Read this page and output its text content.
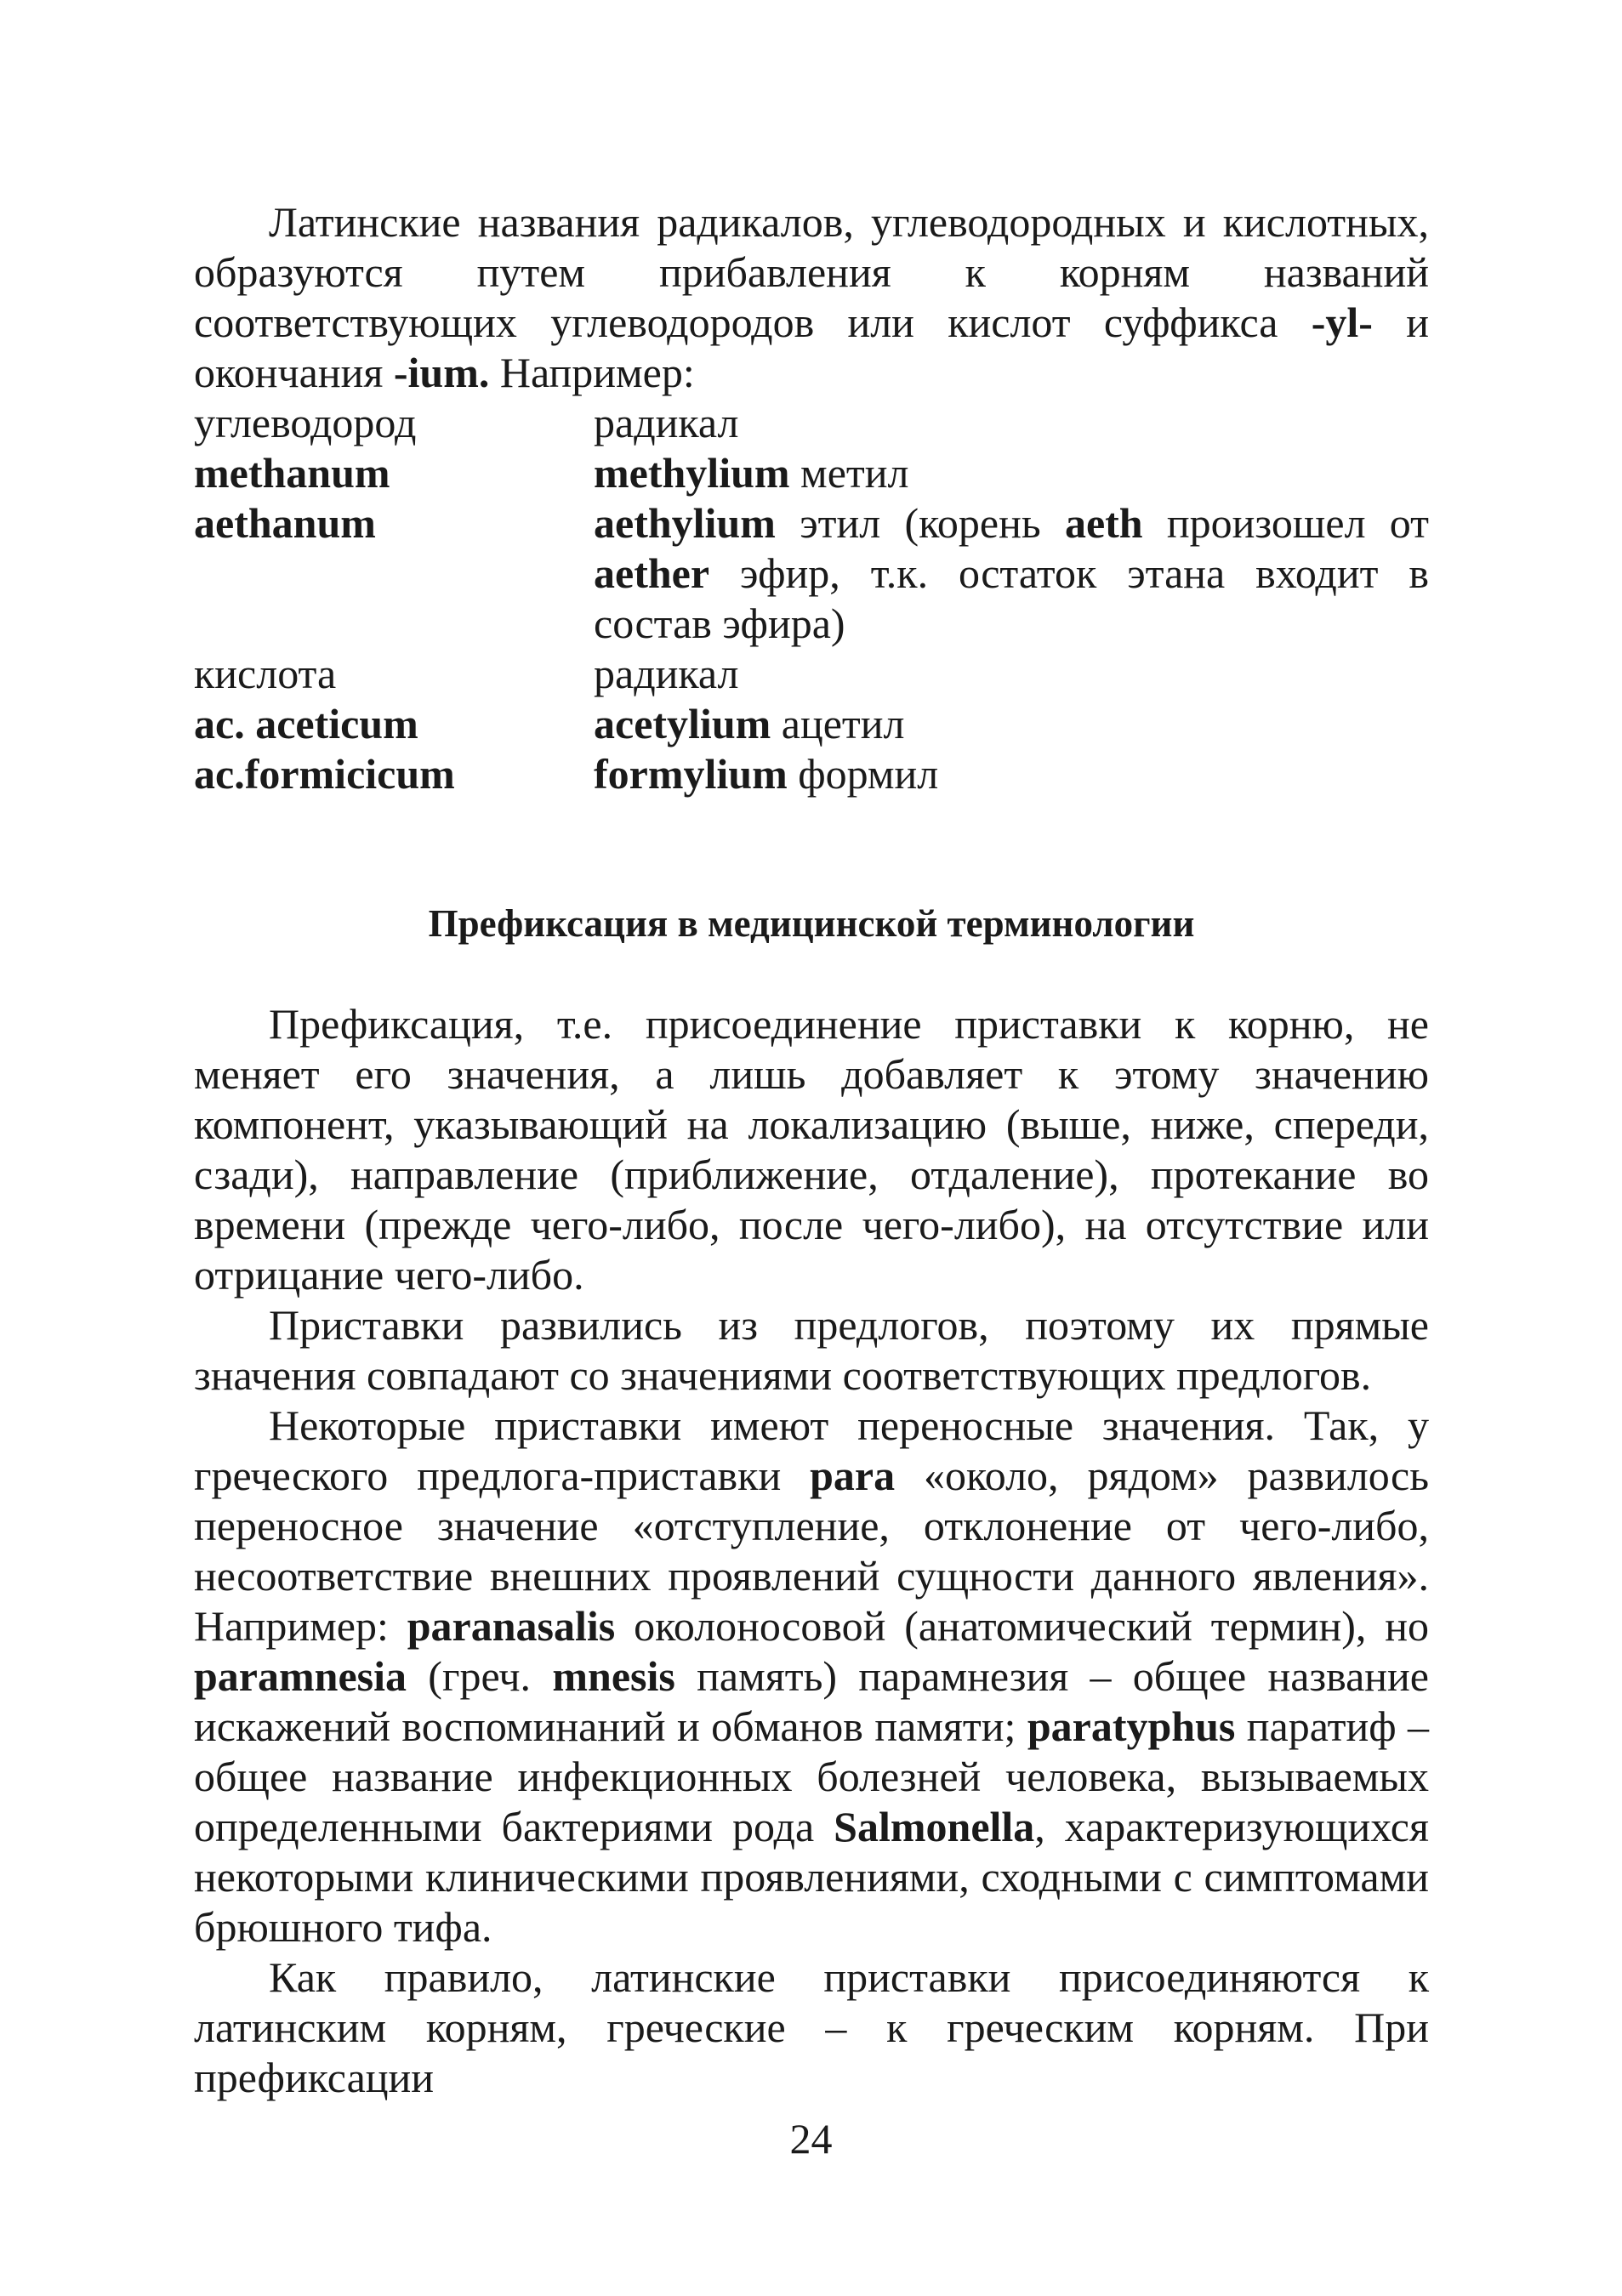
Латинские названия радикалов, углеводородных и кислотных, образуются путем прибавления к корням названий соответствующих углеводородов или кислот суффикса -yl- и окончания -ium. Например:

углеводород	радикал
methanum	methylium метил
aethanum	aethylium этил (корень aeth произошел от aether эфир, т.к. остаток этана входит в состав эфира)
кислота	радикал
ac. aceticum	acetylium ацетил
ac.formicicum	formylium формил
Префиксация в медицинской терминологии

Префиксация, т.е. присоединение приставки к корню, не меняет его значения, а лишь добавляет к этому значению компонент, указывающий на локализацию (выше, ниже, спереди, сзади), направление (приближение, отдаление), протекание во времени (прежде чего-либо, после чего-либо), на отсутствие или отрицание чего-либо.

Приставки развились из предлогов, поэтому их прямые значения совпадают со значениями соответствующих предлогов.

Некоторые приставки имеют переносные значения. Так, у греческого предлога-приставки para «около, рядом» развилось переносное значение «отступление, отклонение от чего-либо, несоответствие внешних проявлений сущности данного явления». Например: paranasalis околоносовой (анатомический термин), но paramnesia (греч. mnesis память) парамнезия – общее название искажений воспоминаний и обманов памяти; paratyphus паратиф – общее название инфекционных болезней человека, вызываемых определенными бактериями рода Salmonella, характеризующихся некоторыми клиническими проявлениями, сходными с симптомами брюшного тифа.

Как правило, латинские приставки присоединяются к латинским корням, греческие – к греческим корням. При префиксации

24
